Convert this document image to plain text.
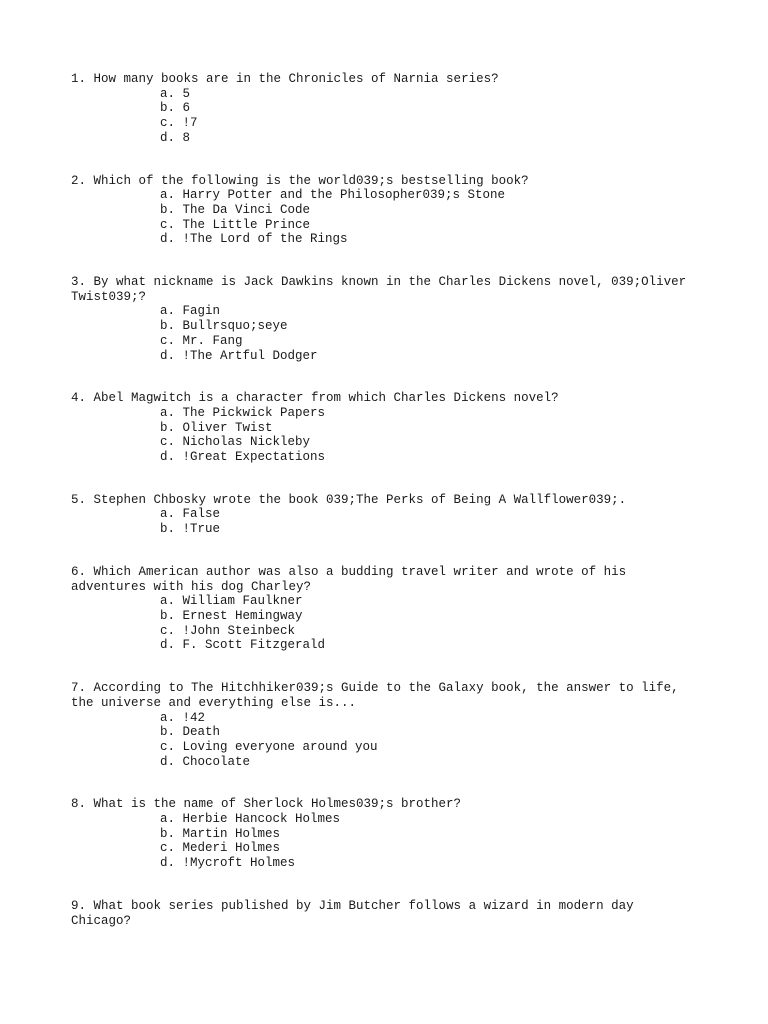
1. How many books are in the Chronicles of Narnia series?
a. 5
b. 6
c. !7
d. 8
2. Which of the following is the world039;s bestselling book?
a. Harry Potter and the Philosopher039;s Stone
b. The Da Vinci Code
c. The Little Prince
d. !The Lord of the Rings
3. By what nickname is Jack Dawkins known in the Charles Dickens novel, 039;Oliver Twist039;?
a. Fagin
b. Bullrsquo;seye
c. Mr. Fang
d. !The Artful Dodger
4. Abel Magwitch is a character from which Charles Dickens novel?
a. The Pickwick Papers
b. Oliver Twist
c. Nicholas Nickleby
d. !Great Expectations
5. Stephen Chbosky wrote the book 039;The Perks of Being A Wallflower039;.
a. False
b. !True
6. Which American author was also a budding travel writer and wrote of his adventures with his dog Charley?
a. William Faulkner
b. Ernest Hemingway
c. !John Steinbeck
d. F. Scott Fitzgerald
7. According to The Hitchhiker039;s Guide to the Galaxy book, the answer to life, the universe and everything else is...
a. !42
b. Death
c. Loving everyone around you
d. Chocolate
8. What is the name of Sherlock Holmes039;s brother?
a. Herbie Hancock Holmes
b. Martin Holmes
c. Mederi Holmes
d. !Mycroft Holmes
9. What book series published by Jim Butcher follows a wizard in modern day Chicago?
